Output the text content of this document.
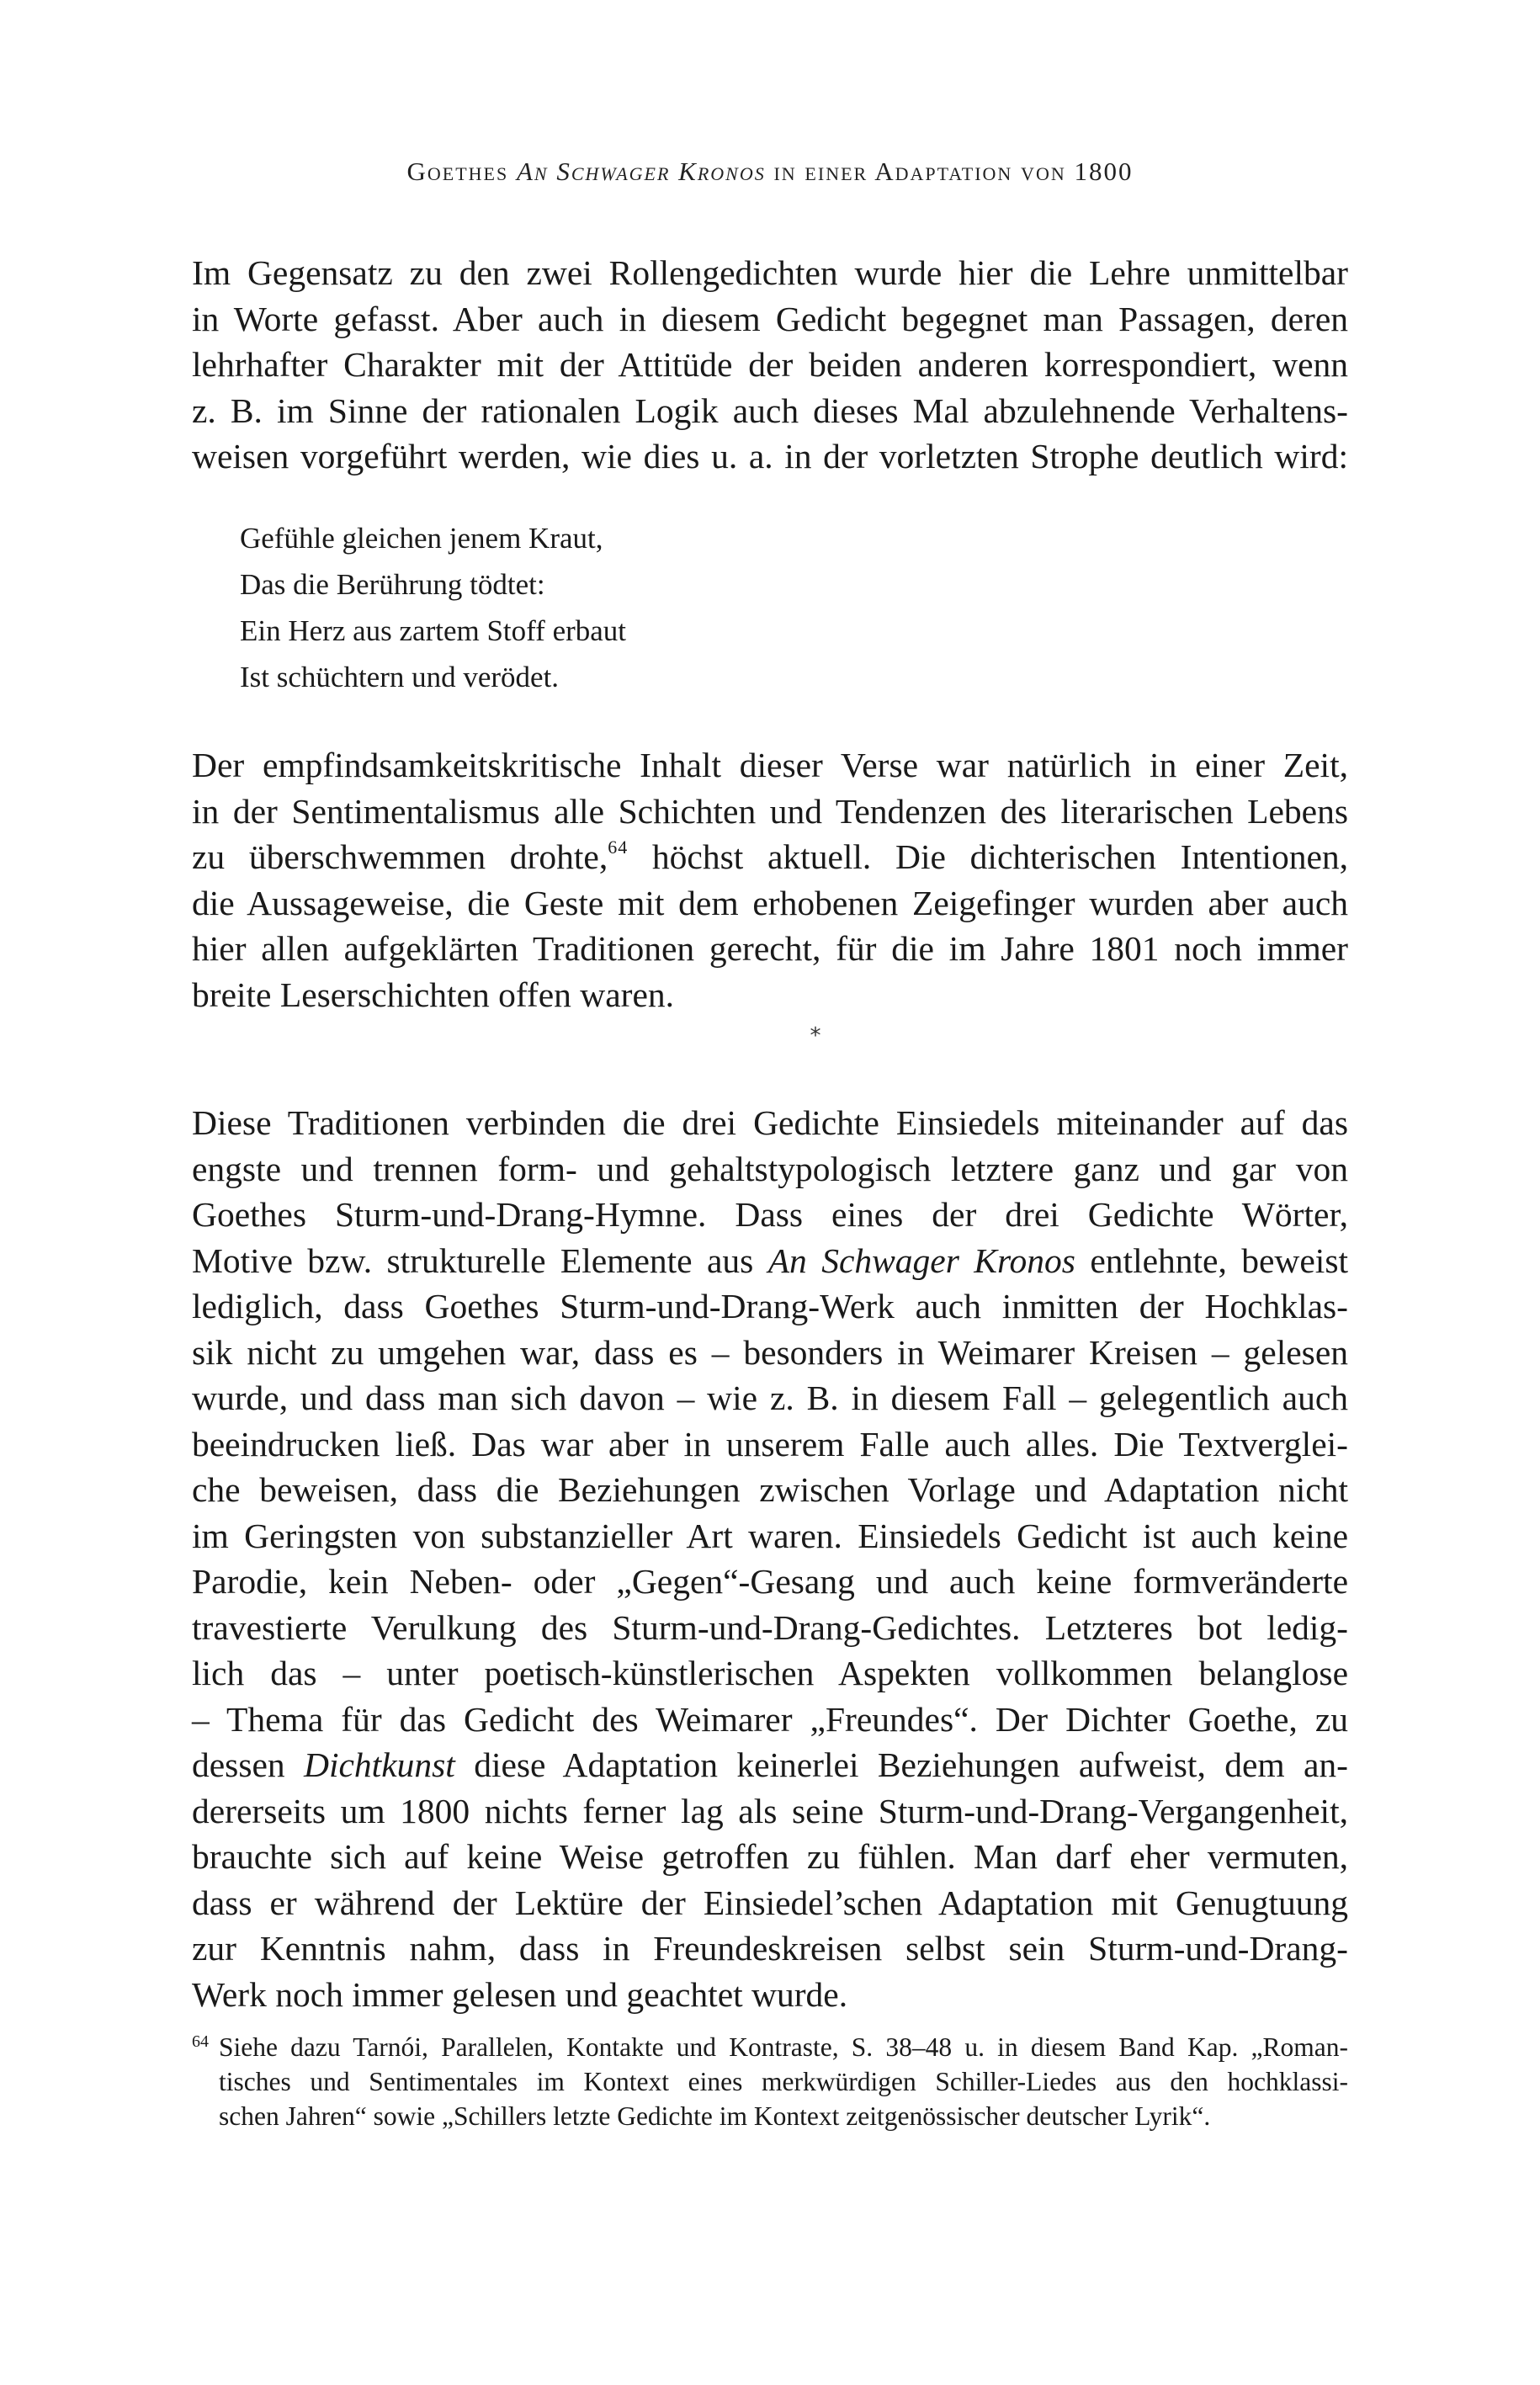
Goethes An Schwager Kronos in einer Adaptation von 1800
Im Gegensatz zu den zwei Rollengedichten wurde hier die Lehre unmittelbar
in Worte gefasst. Aber auch in diesem Gedicht begegnet man Passagen, deren
lehrhafter Charakter mit der Attitüde der beiden anderen korrespondiert, wenn
z. B. im Sinne der rationalen Logik auch dieses Mal abzulehnende Verhaltens-
weisen vorgeführt werden, wie dies u. a. in der vorletzten Strophe deutlich wird:
Gefühle gleichen jenem Kraut,
Das die Berührung tödtet:
Ein Herz aus zartem Stoff erbaut
Ist schüchtern und verödet.
Der empfindsamkeitskritische Inhalt dieser Verse war natürlich in einer Zeit,
in der Sentimentalismus alle Schichten und Tendenzen des literarischen Lebens
zu überschwemmen drohte,$^{64}$ höchst aktuell. Die dichterischen Intentionen,
die Aussageweise, die Geste mit dem erhobenen Zeigefinger wurden aber auch
hier allen aufgeklärten Traditionen gerecht, für die im Jahre 1801 noch immer
breite Leserschichten offen waren.
*
Diese Traditionen verbinden die drei Gedichte Einsiedels miteinander auf das
engste und trennen form- und gehaltstypologisch letztere ganz und gar von
Goethes Sturm-und-Drang-Hymne. Dass eines der drei Gedichte Wörter,
Motive bzw. strukturelle Elemente aus An Schwager Kronos entlehnte, beweist
lediglich, dass Goethes Sturm-und-Drang-Werk auch inmitten der Hochklas-
sik nicht zu umgehen war, dass es – besonders in Weimarer Kreisen – gelesen
wurde, und dass man sich davon – wie z. B. in diesem Fall – gelegentlich auch
beeindrucken ließ. Das war aber in unserem Falle auch alles. Die Textverglei-
che beweisen, dass die Beziehungen zwischen Vorlage und Adaptation nicht
im Geringsten von substanzieller Art waren. Einsiedels Gedicht ist auch keine
Parodie, kein Neben- oder „Gegen“-Gesang und auch keine formveränderte
travestierte Verulkung des Sturm-und-Drang-Gedichtes. Letzteres bot ledig-
lich das – unter poetisch-künstlerischen Aspekten vollkommen belanglose
– Thema für das Gedicht des Weimarer „Freundes“. Der Dichter Goethe, zu
dessen Dichtkunst diese Adaptation keinerlei Beziehungen aufweist, dem an-
dererseits um 1800 nichts ferner lag als seine Sturm-und-Drang-Vergangenheit,
brauchte sich auf keine Weise getroffen zu fühlen. Man darf eher vermuten,
dass er während der Lektüre der Einsiedel’schen Adaptation mit Genugtuung
zur Kenntnis nahm, dass in Freundeskreisen selbst sein Sturm-und-Drang-
Werk noch immer gelesen und geachtet wurde.
64 Siehe dazu Tarnói, Parallelen, Kontakte und Kontraste, S. 38–48 u. in diesem Band Kap. „Roman-
tisches und Sentimentales im Kontext eines merkwürdigen Schiller-Liedes aus den hochklassi-
schen Jahren“ sowie „Schillers letzte Gedichte im Kontext zeitgenössischer deutscher Lyrik“.
